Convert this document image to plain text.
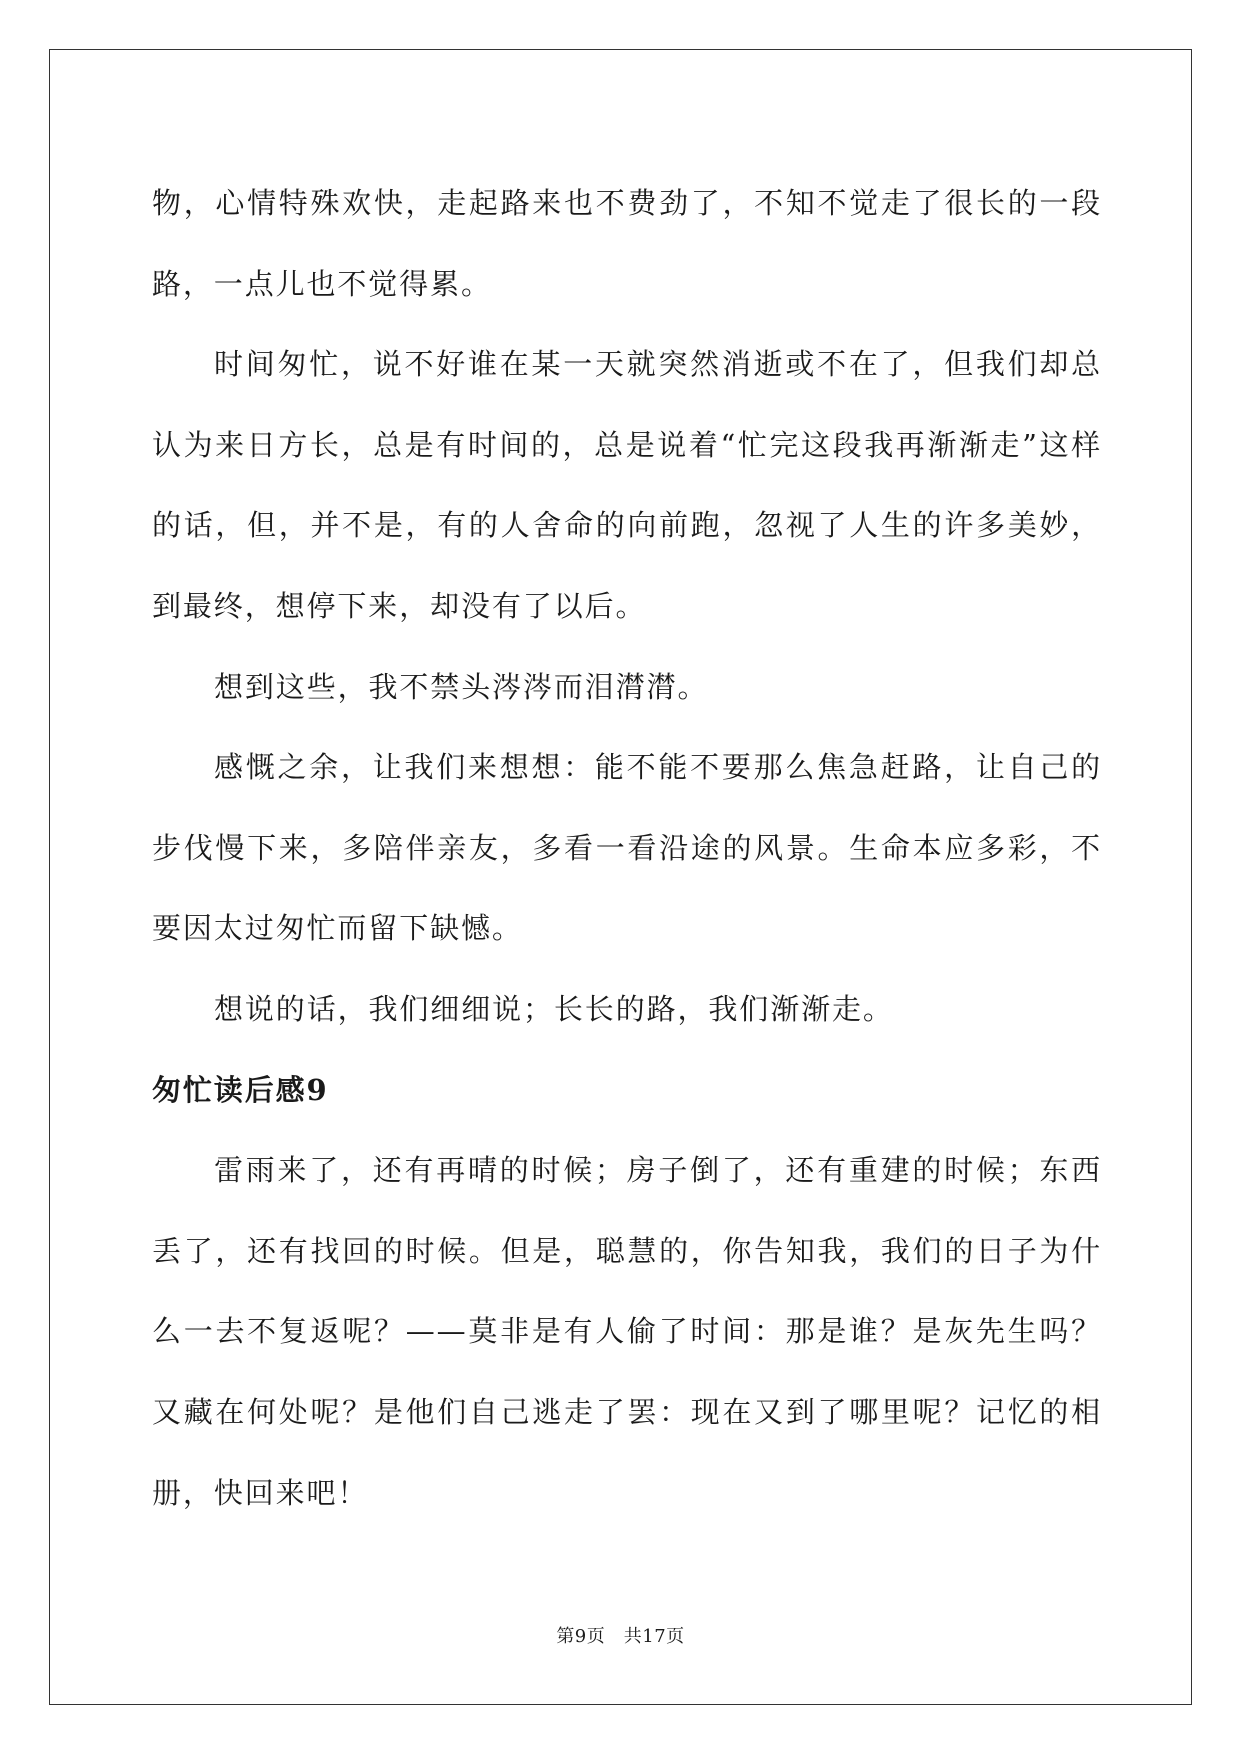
物，心情特殊欢快，走起路来也不费劲了，不知不觉走了很长的一段路，一点儿也不觉得累。

时间匆忙，说不好谁在某一天就突然消逝或不在了，但我们却总认为来日方长，总是有时间的，总是说着“忙完这段我再渐渐走”这样的话，但，并不是，有的人舍命的向前跑，忽视了人生的许多美妙，到最终，想停下来，却没有了以后。

想到这些，我不禁头涔涔而泪潸潸。

感慨之余，让我们来想想：能不能不要那么焦急赶路，让自己的步伐慢下来，多陪伴亲友，多看一看沿途的风景。生命本应多彩，不要因太过匆忙而留下缺憾。

想说的话，我们细细说；长长的路，我们渐渐走。

匆忙读后感9

雷雨来了，还有再晴的时候；房子倒了，还有重建的时候；东西丢了，还有找回的时候。但是，聪慧的，你告知我，我们的日子为什么一去不复返呢？——莫非是有人偷了时间：那是谁？是灰先生吗？又藏在何处呢？是他们自己逃走了罢：现在又到了哪里呢？记忆的相册，快回来吧！

第9页　共17页
